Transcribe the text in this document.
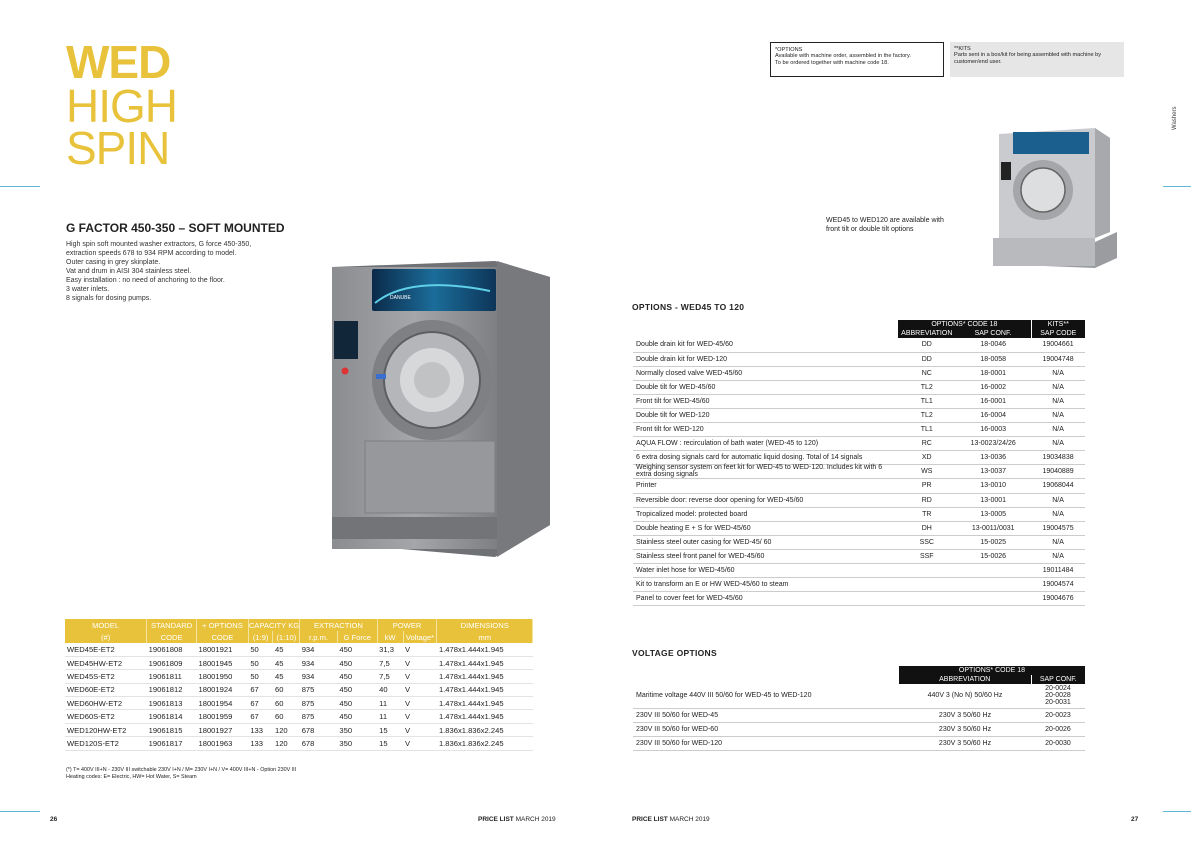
WED
HIGH
SPIN
G FACTOR 450-350 – SOFT MOUNTED
High spin soft mounted washer extractors, G force 450-350,
extraction speeds 678 to 934 RPM according to model.
Outer casing in grey skinplate.
Vat and drum in AISI 304 stainless steel.
Easy installation : no need of anchoring to the floor.
3 water inlets.
8 signals for dosing pumps.	DANUBE
*OPTIONS
Available with machine order, assembled in the factory.
To be ordered together with machine code 18.
**KITS
Parts sent in a box/kit for being assembled with machine by
customer/end user.
Washers
WED45 to WED120 are available with
front tilt or double tilt options
MODEL	STANDARD	+ OPTIONS	CAPACITY KG		EXTRACTION		POWER		DIMENSIONS
(#)	CODE	CODE	(1:9)	(1:10)	r.p.m.	G Force	kW	Voltage*	mm
WED45E-ET2	19061808	18001921	50	45	934	450	31,3	V	1.478x1.444x1.945
WED45HW-ET2	19061809	18001945	50	45	934	450	7,5	V	1.478x1.444x1.945
WED45S-ET2	19061811	18001950	50	45	934	450	7,5	V	1.478x1.444x1.945
WED60E-ET2	19061812	18001924	67	60	875	450	40	V	1.478x1.444x1.945
WED60HW-ET2	19061813	18001954	67	60	875	450	11	V	1.478x1.444x1.945
WED60S-ET2	19061814	18001959	67	60	875	450	11	V	1.478x1.444x1.945
WED120HW-ET2	19061815	18001927	133	120	678	350	15	V	1.836x1.836x2.245
WED120S-ET2	19061817	18001963	133	120	678	350	15	V	1.836x1.836x2.245
(*) T= 400V III+N - 230V III switchable 230V I+N / M= 230V I+N / V= 400V III+N - Option 230V III
Heating codes: E= Electric, HW= Hot Water, S= Steam
OPTIONS - WED45 TO 120
	OPTIONS* CODE 18		KITS**
	ABBREVIATION	SAP CONF.	SAP CODE
Double drain kit for WED-45/60	DD	18-0046	19004661
Double drain kit for WED-120	DD	18-0058	19004748
Normally closed valve WED-45/60	NC	18-0001	N/A
Double tilt for WED-45/60	TL2	16-0002	N/A
Front tilt for WED-45/60	TL1	16-0001	N/A
Double tilt for WED-120	TL2	16-0004	N/A
Front tilt for WED-120	TL1	16-0003	N/A
AQUA FLOW : recirculation of bath water (WED-45 to 120)	RC	13-0023/24/26	N/A
6 extra dosing signals card for automatic liquid dosing. Total of 14 signals	XD	13-0036	19034838
Weighing sensor system on feet kit for WED-45 to WED-120. Includes kit with 6 extra dosing signals	WS	13-0037	19040889
Printer	PR	13-0010	19068044
Reversible door: reverse door opening for WED-45/60	RD	13-0001	N/A
Tropicalized model: protected board	TR	13-0005	N/A
Double heating E + S for WED-45/60	DH	13-0011/0031	19004575
Stainless steel outer casing for WED-45/ 60	SSC	15-0025	N/A
Stainless steel front panel for WED-45/60	SSF	15-0026	N/A
Water inlet hose for WED-45/60			19011484
Kit to transform an E or HW WED-45/60 to steam			19004574
Panel to cover feet for WED-45/60			19004676
VOLTAGE OPTIONS
	OPTIONS* CODE 18	
	ABBREVIATION	SAP CONF.
Maritime voltage 440V III 50/60 for WED-45 to WED-120	440V 3 (No N) 50/60 Hz	20-0024
20-0028
20-0031
230V III 50/60 for WED-45	230V 3 50/60 Hz	20-0023
230V III 50/60 for WED-60	230V 3 50/60 Hz	20-0026
230V III 50/60 for WED-120	230V 3 50/60 Hz	20-0030
26	PRICE LIST MARCH 2019	PRICE LIST MARCH 2019	27
